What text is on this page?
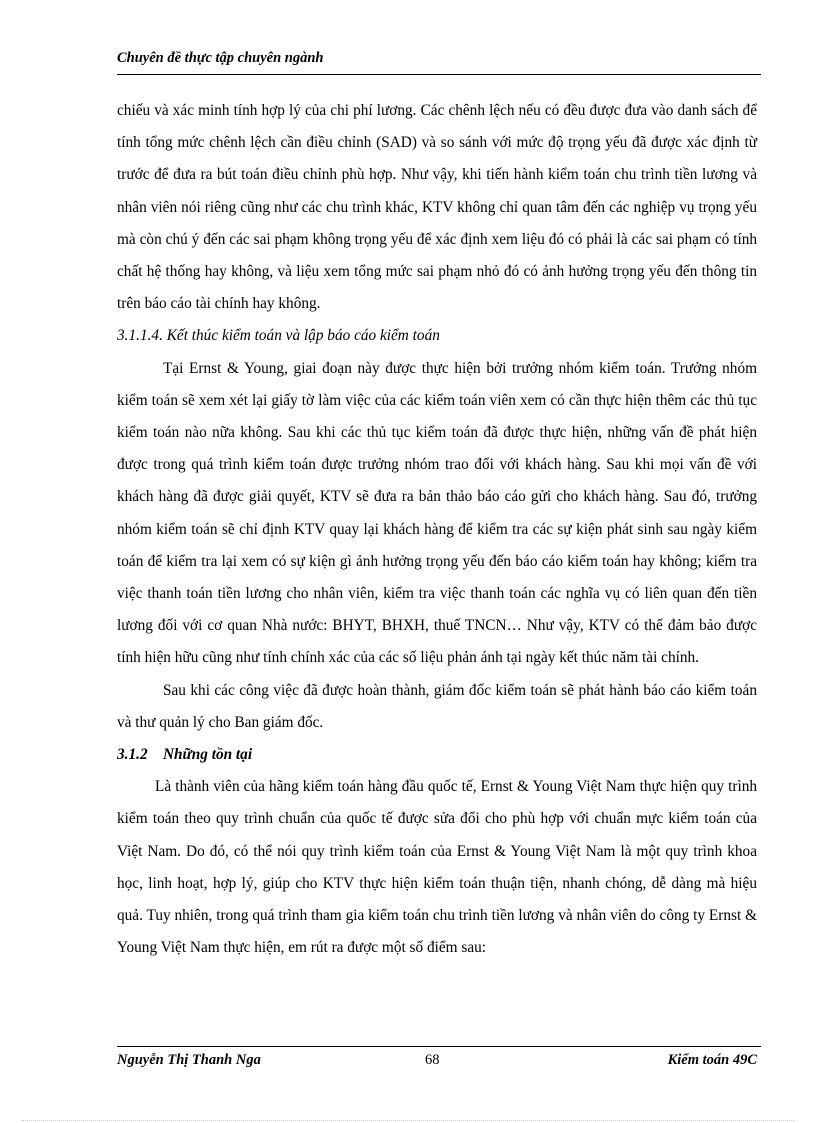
Chuyên đề thực tập chuyên ngành

chiếu và xác minh tính hợp lý của chi phí lương. Các chênh lệch nếu có đều được đưa vào danh sách để tính tổng mức chênh lệch cần điều chỉnh (SAD) và so sánh với mức độ trọng yếu đã được xác định từ trước để đưa ra bút toán điều chỉnh phù hợp. Như vậy, khi tiến hành kiểm toán chu trình tiền lương và nhân viên nói riêng cũng như các chu trình khác, KTV không chỉ quan tâm đến các nghiệp vụ trọng yếu mà còn chú ý đến các sai phạm không trọng yếu để xác định xem liệu đó có phải là các sai phạm có tính chất hệ thống hay không, và liệu xem tổng mức sai phạm nhỏ đó có ảnh hưởng trọng yếu đến thông tin trên báo cáo tài chính hay không.

3.1.1.4. Kết thúc kiểm toán và lập báo cáo kiểm toán

Tại Ernst & Young, giai đoạn này được thực hiện bởi trưởng nhóm kiểm toán. Trưởng nhóm kiểm toán sẽ xem xét lại giấy tờ làm việc của các kiểm toán viên xem có cần thực hiện thêm các thủ tục kiểm toán nào nữa không. Sau khi các thủ tục kiểm toán đã được thực hiện, những vấn đề phát hiện được trong quá trình kiểm toán được trưởng nhóm trao đổi với khách hàng. Sau khi mọi vấn đề với khách hàng đã được giải quyết, KTV sẽ đưa ra bản thảo báo cáo gửi cho khách hàng. Sau đó, trưởng nhóm kiểm toán sẽ chỉ định KTV quay lại khách hàng để kiểm tra các sự kiện phát sinh sau ngày kiểm toán để kiểm tra lại xem có sự kiện gì ảnh hưởng trọng yếu đến báo cáo kiểm toán hay không; kiểm tra việc thanh toán tiền lương cho nhân viên, kiểm tra việc thanh toán các nghĩa vụ có liên quan đến tiền lương đối với cơ quan Nhà nước: BHYT, BHXH, thuế TNCN… Như vậy, KTV có thể đảm bảo được tính hiện hữu cũng như tính chính xác của các số liệu phản ánh tại ngày kết thúc năm tài chính.

Sau khi các công việc đã được hoàn thành, giám đốc kiểm toán sẽ phát hành báo cáo kiểm toán và thư quản lý cho Ban giám đốc.

3.1.2 Những tồn tại

Là thành viên của hãng kiểm toán hàng đầu quốc tế, Ernst & Young Việt Nam thực hiện quy trình kiểm toán theo quy trình chuẩn của quốc tế được sửa đổi cho phù hợp với chuẩn mực kiểm toán của Việt Nam. Do đó, có thể nói quy trình kiểm toán của Ernst & Young Việt Nam là một quy trình khoa học, linh hoạt, hợp lý, giúp cho KTV thực hiện kiểm toán thuận tiện, nhanh chóng, dễ dàng mà hiệu quả. Tuy nhiên, trong quá trình tham gia kiểm toán chu trình tiền lương và nhân viên do công ty Ernst & Young Việt Nam thực hiện, em rút ra được một số điểm sau:

Nguyễn Thị Thanh Nga	68	Kiểm toán 49C
